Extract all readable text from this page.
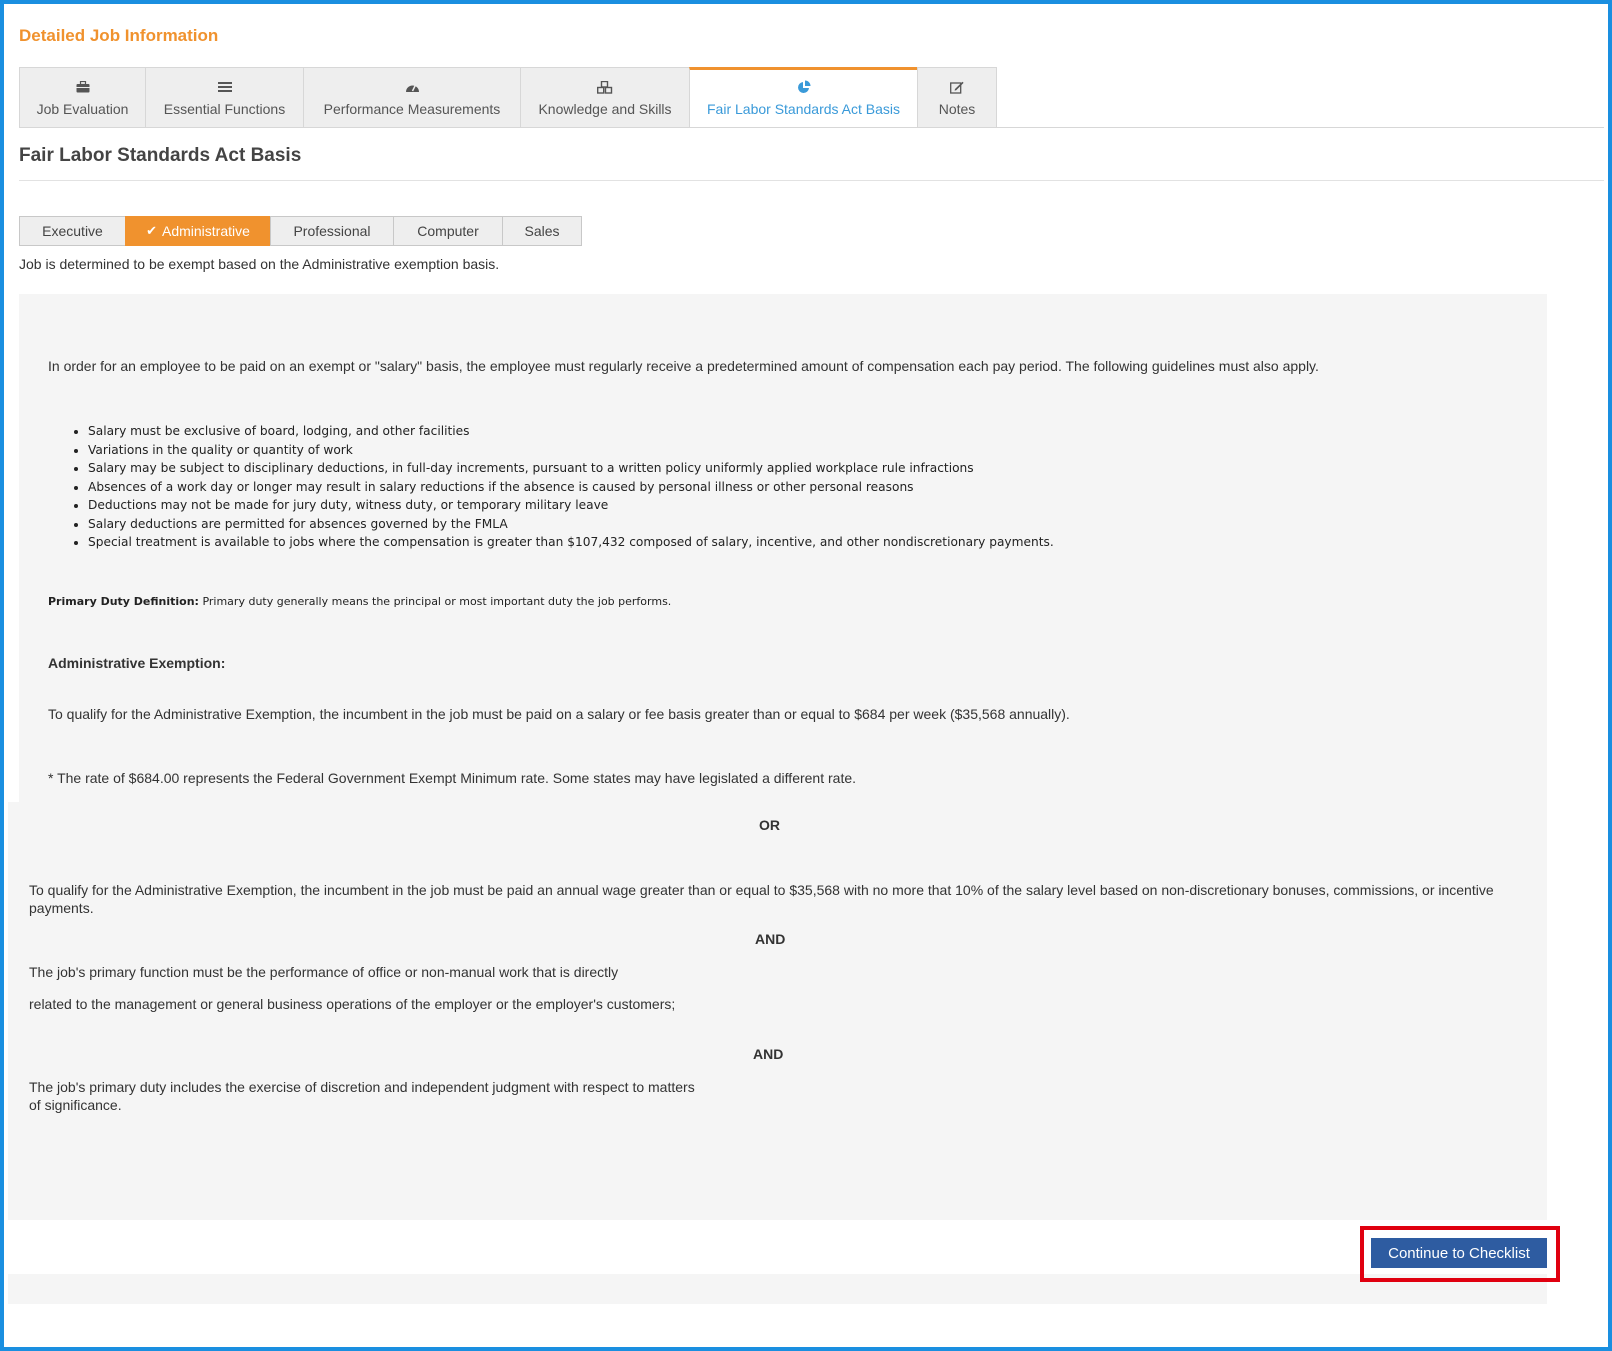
Detailed Job Information
Job Evaluation	Essential Functions	Performance Measurements	Knowledge and Skills	Fair Labor Standards Act Basis	Notes
Fair Labor Standards Act Basis
Executive	✔ Administrative	Professional	Computer	Sales
Job is determined to be exempt based on the Administrative exemption basis.
In order for an employee to be paid on an exempt or "salary" basis, the employee must regularly receive a predetermined amount of compensation each pay period. The following guidelines must also apply.
• Salary must be exclusive of board, lodging, and other facilities
• Variations in the quality or quantity of work
• Salary may be subject to disciplinary deductions, in full-day increments, pursuant to a written policy uniformly applied workplace rule infractions
• Absences of a work day or longer may result in salary reductions if the absence is caused by personal illness or other personal reasons
• Deductions may not be made for jury duty, witness duty, or temporary military leave
• Salary deductions are permitted for absences governed by the FMLA
• Special treatment is available to jobs where the compensation is greater than $107,432 composed of salary, incentive, and other nondiscretionary payments.
Primary Duty Definition: Primary duty generally means the principal or most important duty the job performs.
Administrative Exemption:
To qualify for the Administrative Exemption, the incumbent in the job must be paid on a salary or fee basis greater than or equal to $684 per week ($35,568 annually).
* The rate of $684.00 represents the Federal Government Exempt Minimum rate. Some states may have legislated a different rate.
OR
To qualify for the Administrative Exemption, the incumbent in the job must be paid an annual wage greater than or equal to $35,568 with no more that 10% of the salary level based on non-discretionary bonuses, commissions, or incentive payments.
AND
The job's primary function must be the performance of office or non-manual work that is directly
related to the management or general business operations of the employer or the employer's customers;
AND
The job's primary duty includes the exercise of discretion and independent judgment with respect to matters of significance.
Continue to Checklist
